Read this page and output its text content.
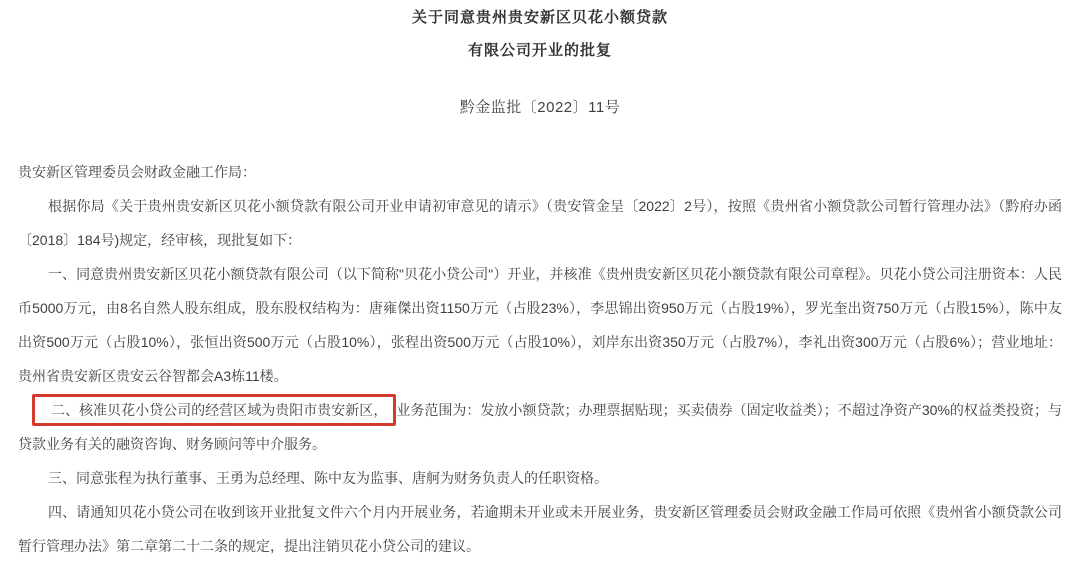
关于同意贵州贵安新区贝花小额贷款
有限公司开业的批复
黔金监批〔2022〕11号

贵安新区管理委员会财政金融工作局：

根据你局《关于贵州贵安新区贝花小额贷款有限公司开业申请初审意见的请示》（贵安管金呈〔2022〕2号），按照《贵州省小额贷款公司暂行管理办法》（黔府办函〔2018〕184号)规定，经审核，现批复如下：

一、同意贵州贵安新区贝花小额贷款有限公司（以下简称"贝花小贷公司"）开业，并核准《贵州贵安新区贝花小额贷款有限公司章程》。贝花小贷公司注册资本：人民币5000万元，由8名自然人股东组成，股东股权结构为：唐雍傑出资1150万元（占股23%），李思锦出资950万元（占股19%），罗光奎出资750万元（占股15%），陈中友出资500万元（占股10%），张恒出资500万元（占股10%），张程出资500万元（占股10%），刘岸东出资350万元（占股7%），李礼出资300万元（占股6%）；营业地址：贵州省贵安新区贵安云谷智都会A3栋11楼。

二、核准贝花小贷公司的经营区域为贵阳市贵安新区， 业务范围为：发放小额贷款；办理票据贴现；买卖债券（固定收益类）；不超过净资产30%的权益类投资；与贷款业务有关的融资咨询、财务顾问等中介服务。

三、同意张程为执行董事、王勇为总经理、陈中友为监事、唐舸为财务负责人的任职资格。

四、请通知贝花小贷公司在收到该开业批复文件六个月内开展业务，若逾期未开业或未开展业务，贵安新区管理委员会财政金融工作局可依照《贵州省小额贷款公司暂行管理办法》第二章第二十二条的规定，提出注销贝花小贷公司的建议。
